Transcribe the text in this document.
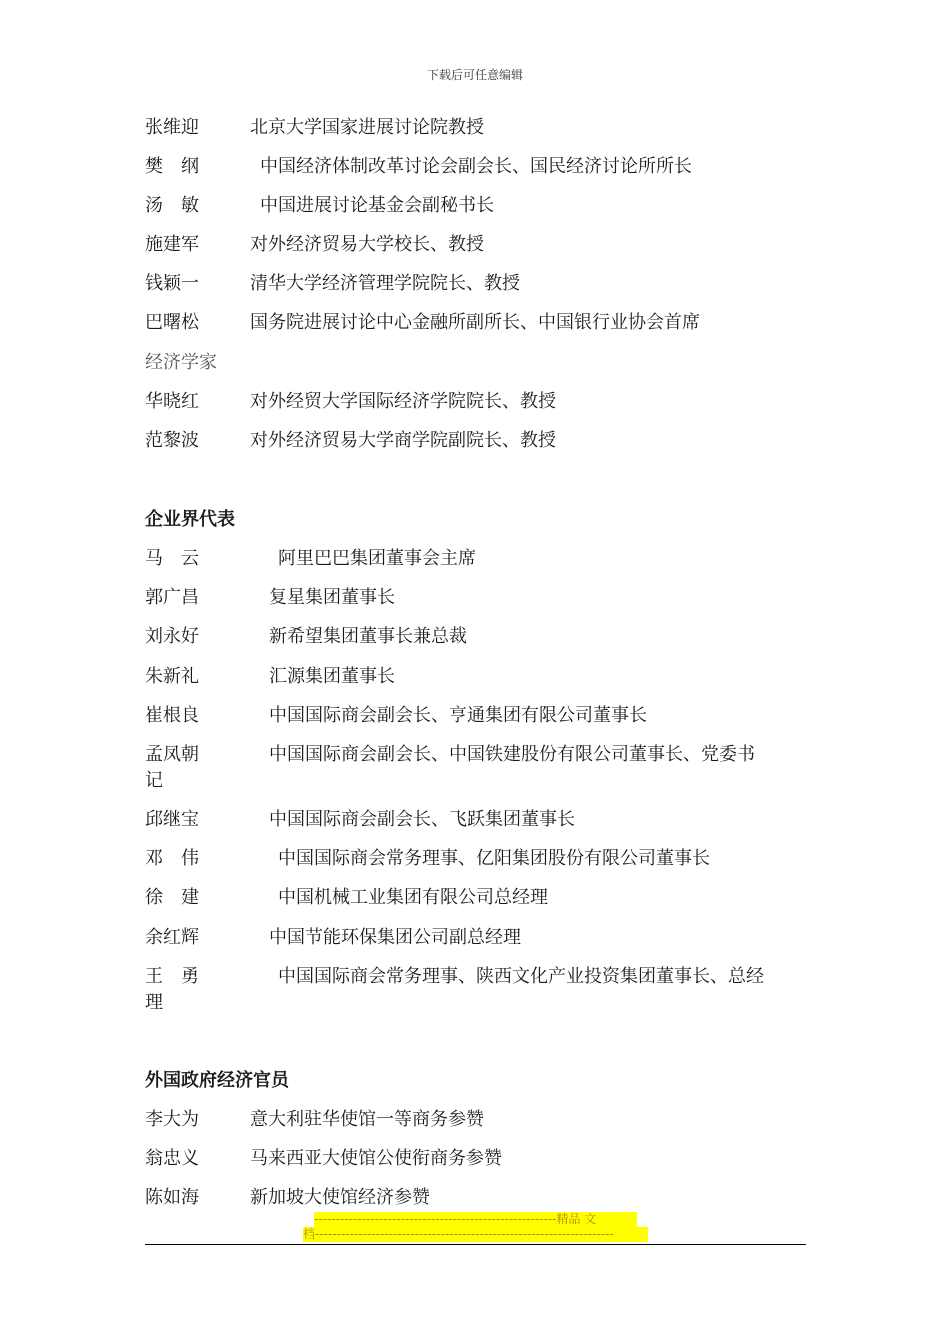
下载后可任意编辑
张维迎	北京大学国家进展讨论院教授
樊　纲	中国经济体制改革讨论会副会长、国民经济讨论所所长
汤　敏	中国进展讨论基金会副秘书长
施建军	对外经济贸易大学校长、教授
钱颖一	清华大学经济管理学院院长、教授
巴曙松	国务院进展讨论中心金融所副所长、中国银行业协会首席
经济学家
华晓红	对外经贸大学国际经济学院院长、教授
范黎波	对外经济贸易大学商学院副院长、教授
企业界代表
马　云	阿里巴巴集团董事会主席
郭广昌	复星集团董事长
刘永好	新希望集团董事长兼总裁
朱新礼	汇源集团董事长
崔根良	中国国际商会副会长、亨通集团有限公司董事长
孟凤朝	中国国际商会副会长、中国铁建股份有限公司董事长、党委书
记
邱继宝	中国国际商会副会长、飞跃集团董事长
邓　伟	中国国际商会常务理事、亿阳集团股份有限公司董事长
徐　建	中国机械工业集团有限公司总经理
余红辉	中国节能环保集团公司副总经理
王　勇	中国国际商会常务理事、陕西文化产业投资集团董事长、总经
理
外国政府经济官员
李大为	意大利驻华使馆一等商务参赞
翁忠义	马来西亚大使馆公使衔商务参赞
陈如海	新加坡大使馆经济参赞
--------------------------------------------------------精品 文
档---------------------------------------------------------------------
